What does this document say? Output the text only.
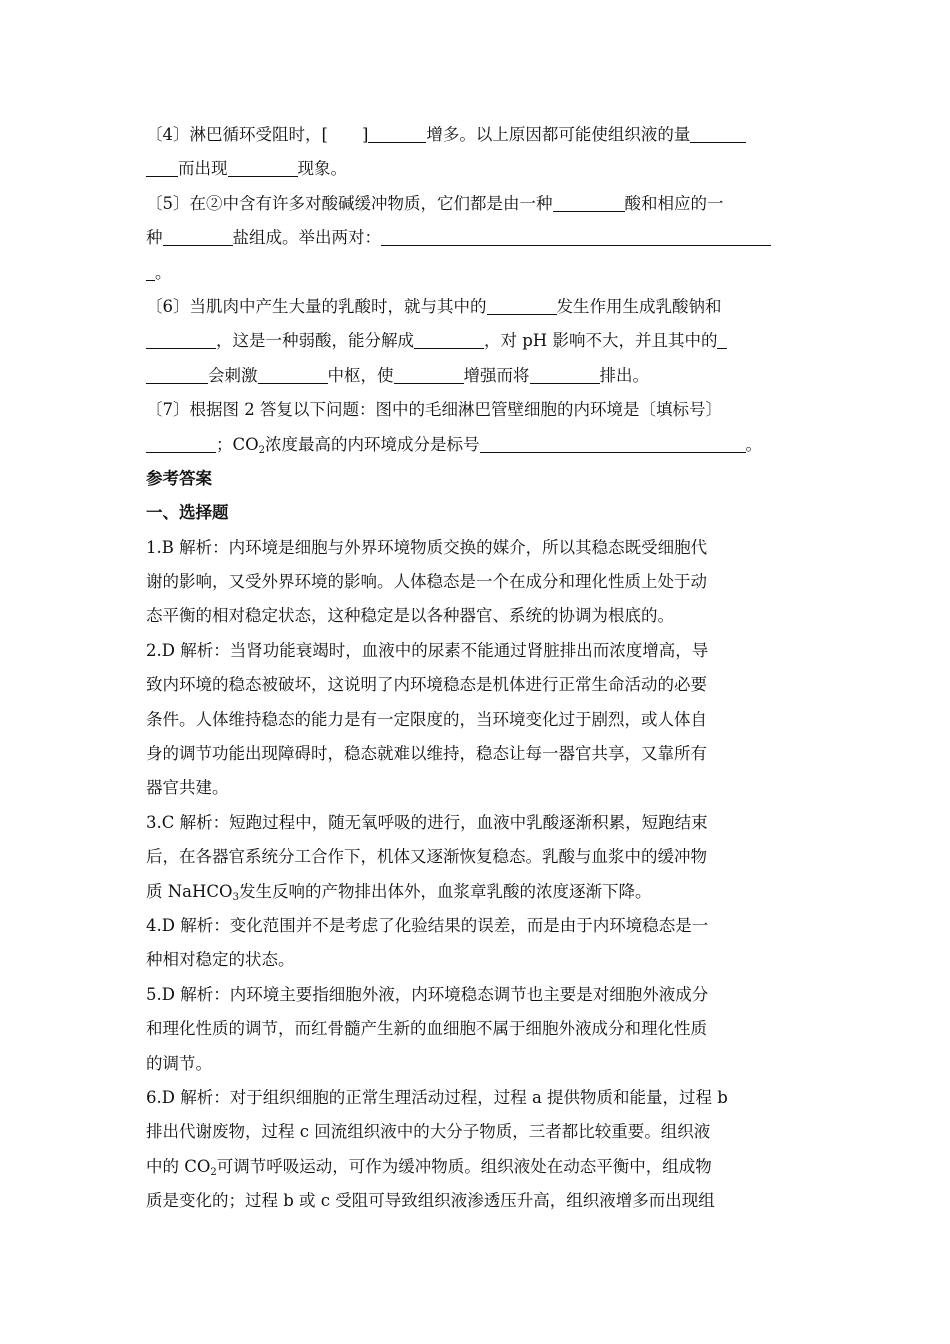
〔4〕淋巴循环受阻时，[ ]	增多。以上原因都可能使组织液的量
而出现	现象。
〔5〕在②中含有许多对酸碱缓冲物质，它们都是由一种	酸和相应的一
种	盐组成。举出两对：
。
〔6〕当肌肉中产生大量的乳酸时，就与其中的	发生作用生成乳酸钠和
，这是一种弱酸，能分解成	，对 pH 影响不大，并且其中的
会刺激	中枢，使	增强而将	排出。
〔7〕根据图 2 答复以下问题：图中的毛细淋巴管壁细胞的内环境是〔填标号〕
；$CO_2$浓度最高的内环境成分是标号	。
参考答案
一、选择题
1.B 解析：内环境是细胞与外界环境物质交换的媒介，所以其稳态既受细胞代
谢的影响，又受外界环境的影响。人体稳态是一个在成分和理化性质上处于动
态平衡的相对稳定状态，这种稳定是以各种器官、系统的协调为根底的。
2.D 解析：当肾功能衰竭时，血液中的尿素不能通过肾脏排出而浓度增高，导
致内环境的稳态被破坏，这说明了内环境稳态是机体进行正常生命活动的必要
条件。人体维持稳态的能力是有一定限度的，当环境变化过于剧烈，或人体自
身的调节功能出现障碍时，稳态就难以维持，稳态让每一器官共享，又靠所有
器官共建。
3.C 解析：短跑过程中，随无氧呼吸的进行，血液中乳酸逐渐积累，短跑结束
后，在各器官系统分工合作下，机体又逐渐恢复稳态。乳酸与血浆中的缓冲物
质 NaHCO$_3$发生反响的产物排出体外，血浆章乳酸的浓度逐渐下降。
4.D 解析：变化范围并不是考虑了化验结果的误差，而是由于内环境稳态是一
种相对稳定的状态。
5.D 解析：内环境主要指细胞外液，内环境稳态调节也主要是对细胞外液成分
和理化性质的调节，而红骨髓产生新的血细胞不属于细胞外液成分和理化性质
的调节。
6.D 解析：对于组织细胞的正常生理活动过程，过程 a 提供物质和能量，过程 b
排出代谢废物，过程 c 回流组织液中的大分子物质，三者都比较重要。组织液
中的 $CO_2$可调节呼吸运动，可作为缓冲物质。组织液处在动态平衡中，组成物
质是变化的；过程 b 或 c 受阻可导致组织液渗透压升高，组织液增多而出现组
